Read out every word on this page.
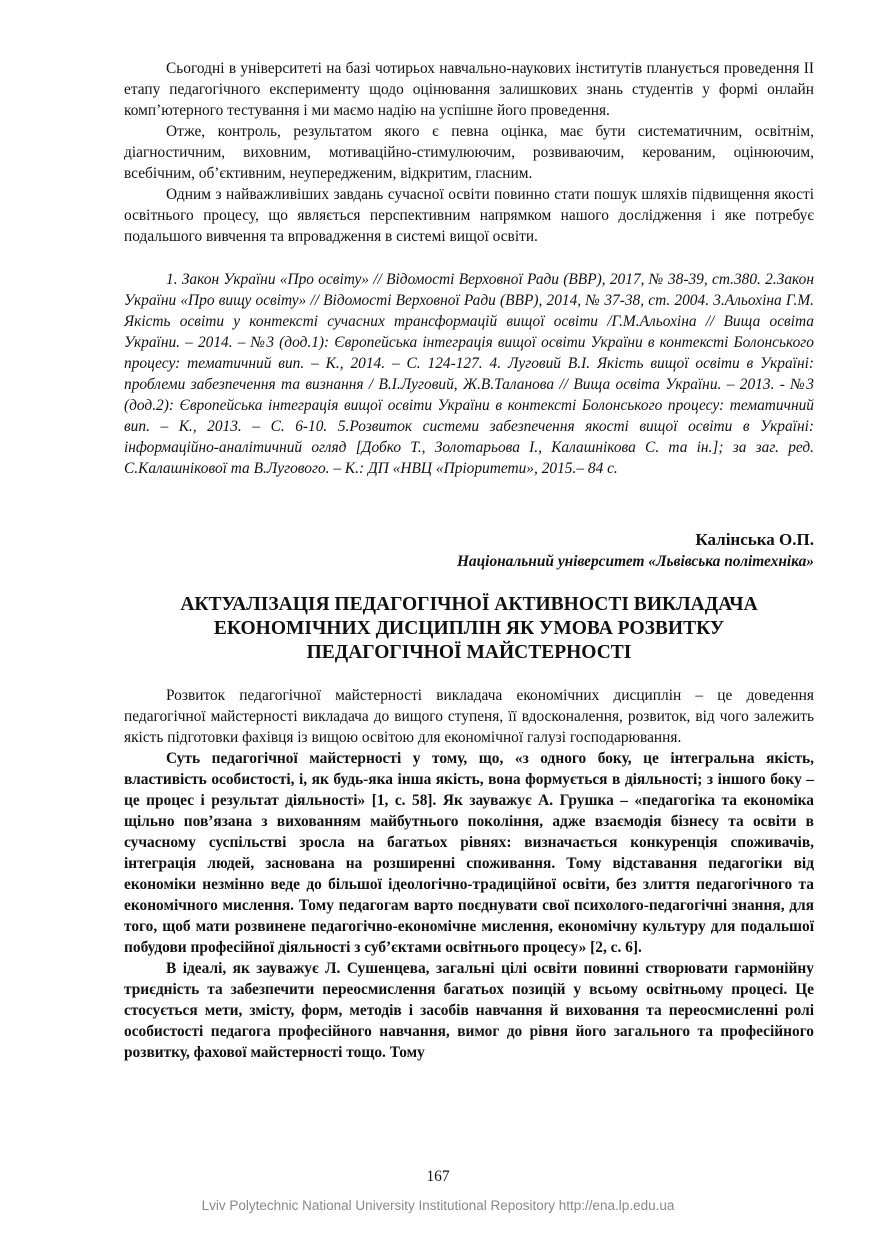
Сьогодні в університеті на базі чотирьох навчально-наукових інститутів планується проведення ІІ етапу педагогічного експерименту щодо оцінювання залишкових знань студентів у формі онлайн комп’ютерного тестування і ми маємо надію на успішне його проведення.

Отже, контроль, результатом якого є певна оцінка, має бути систематичним, освітнім, діагностичним, виховним, мотиваційно-стимулюючим, розвиваючим, керованим, оцінюючим, всебічним, об’єктивним, неупередженим, відкритим, гласним.

Одним з найважливіших завдань сучасної освіти повинно стати пошук шляхів підвищення якості освітнього процесу, що являється перспективним напрямком нашого дослідження і яке потребує подальшого вивчення та впровадження в системі вищої освіти.

1. Закон України «Про освіту» // Відомості Верховної Ради (ВВР), 2017, № 38-39, ст.380. 2.Закон України «Про вищу освіту» // Відомості Верховної Ради (ВВР), 2014, № 37-38, ст. 2004. 3.Альохіна Г.М. Якість освіти у контексті сучасних трансформацій вищої освіти /Г.М.Альохіна // Вища освіта України. – 2014. – №3 (дод.1): Європейська інтеграція вищої освіти України в контексті Болонського процесу: тематичний вип. – К., 2014. – С. 124-127. 4. Луговий В.І. Якість вищої освіти в Україні: проблеми забезпечення та визнання / В.І.Луговий, Ж.В.Таланова // Вища освіта України. – 2013. - №3 (дод.2): Європейська інтеграція вищої освіти України в контексті Болонського процесу: тематичний вип. – К., 2013. – С. 6-10. 5.Розвиток системи забезпечення якості вищої освіти в Україні: інформаційно-аналітичний огляд [Добко Т., Золотарьова І., Калашнікова С. та ін.]; за заг. ред. С.Калашнікової та В.Лугового. – К.: ДП «НВЦ «Пріоритети», 2015.– 84 с.

Калінська О.П.
Національний університет «Львівська політехніка»
АКТУАЛІЗАЦІЯ ПЕДАГОГІЧНОЇ АКТИВНОСТІ ВИКЛАДАЧА
ЕКОНОМІЧНИХ ДИСЦИПЛІН ЯК УМОВА РОЗВИТКУ
ПЕДАГОГІЧНОЇ МАЙСТЕРНОСТІ

Розвиток педагогічної майстерності викладача економічних дисциплін – це доведення педагогічної майстерності викладача до вищого ступеня, її вдосконалення, розвиток, від чого залежить якість підготовки фахівця із вищою освітою для економічної галузі господарювання.

Суть педагогічної майстерності у тому, що, «з одного боку, це інтегральна якість, властивість особистості, і, як будь-яка інша якість, вона формується в діяльності; з іншого боку – це процес і результат діяльності» [1, с. 58]. Як зауважує А. Грушка – «педагогіка та економіка щільно пов’язана з вихованням майбутнього покоління, адже взаємодія бізнесу та освіти в сучасному суспільстві зросла на багатьох рівнях: визначається конкуренція споживачів, інтеграція людей, заснована на розширенні споживання. Тому відставання педагогіки від економіки незмінно веде до більшої ідеологічно-традиційної освіти, без злиття педагогічного та економічного мислення. Тому педагогам варто поєднувати свої психолого-педагогічні знання, для того, щоб мати розвинене педагогічно-економічне мислення, економічну культуру для подальшої побудови професійної діяльності з суб’єктами освітнього процесу» [2, с. 6].

В ідеалі, як зауважує Л. Сушенцева, загальні цілі освіти повинні створювати гармонійну триєдність та забезпечити переосмислення багатьох позицій у всьому освітньому процесі. Це стосується мети, змісту, форм, методів і засобів навчання й виховання та переосмисленні ролі особистості педагога професійного навчання, вимог до рівня його загального та професійного розвитку, фахової майстерності тощо. Тому

167
Lviv Polytechnic National University Institutional Repository http://ena.lp.edu.ua
